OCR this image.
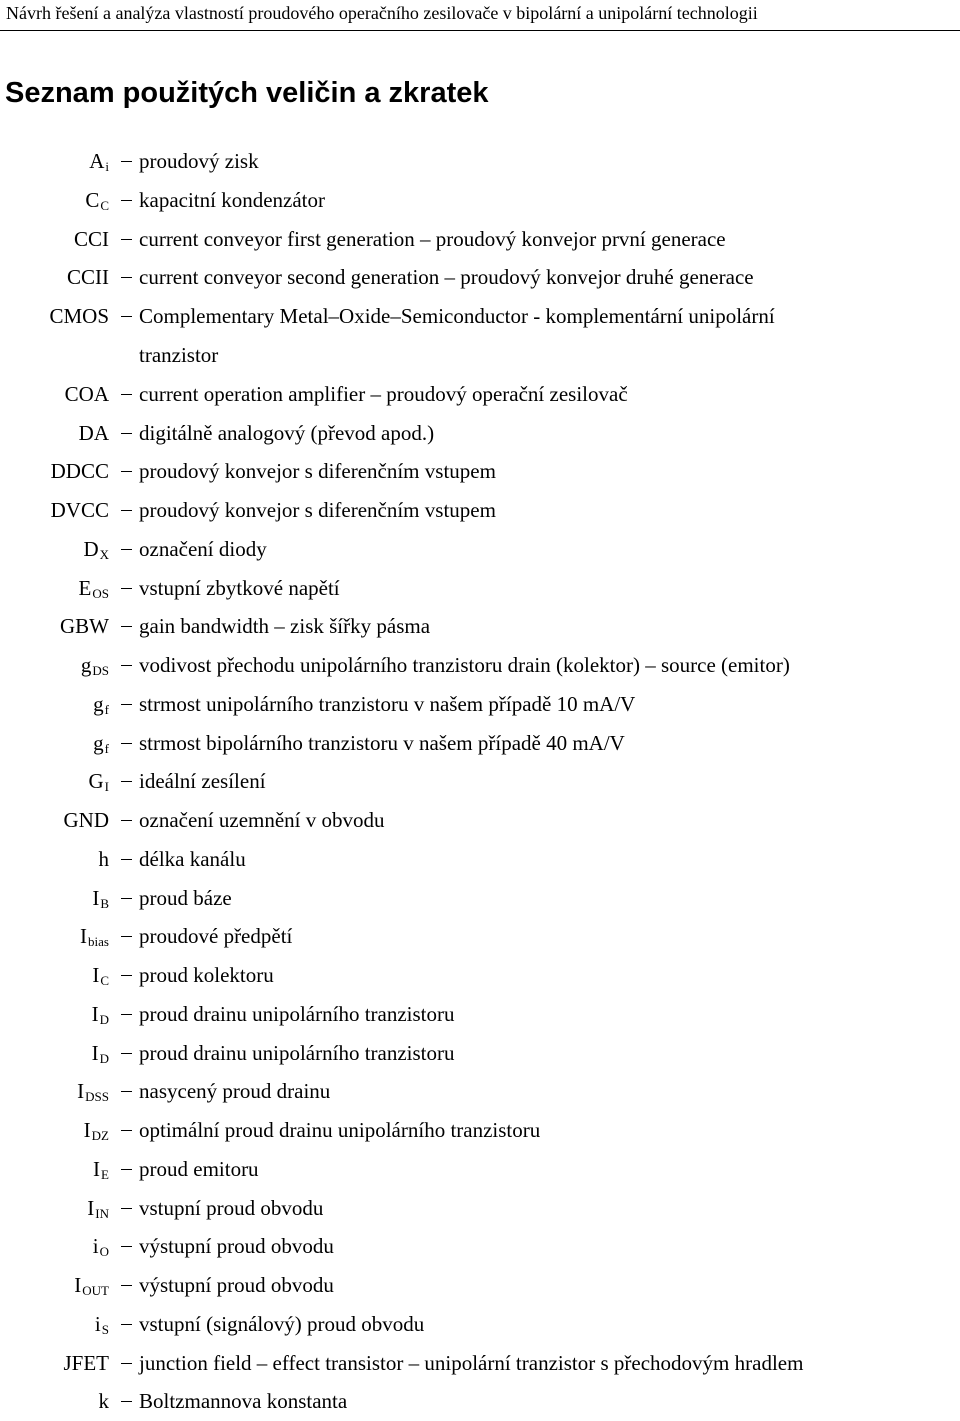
Návrh řešení a analýza vlastností proudového operačního zesilovače v bipolární a unipolární technologii
Seznam použitých veličin a zkratek
$A_i$ proudový zisk
$C_C$ kapacitní kondenzátor
CCI current conveyor first generation – proudový konvejor první generace
CCII current conveyor second generation – proudový konvejor druhé generace
CMOS Complementary Metal–Oxide–Semiconductor - komplementární unipolární
tranzistor
COA current operation amplifier – proudový operační zesilovač
DA digitálně analogový (převod apod.)
DDCC proudový konvejor s diferenčním vstupem
DVCC proudový konvejor s diferenčním vstupem
$D_X$ označení diody
$E_{OS}$ vstupní zbytkové napětí
GBW gain bandwidth – zisk šířky pásma
$g_{DS}$ vodivost přechodu unipolárního tranzistoru drain (kolektor) – source (emitor)
$g_f$ strmost unipolárního tranzistoru v našem případě 10 mA/V
$g_f$ strmost bipolárního tranzistoru v našem případě 40 mA/V
$G_I$ ideální zesílení
GND označení uzemnění v obvodu
h délka kanálu
$I_B$ proud báze
$I_{bias}$ proudové předpětí
$I_C$ proud kolektoru
$I_D$ proud drainu unipolárního tranzistoru
$I_D$ proud drainu unipolárního tranzistoru
$I_{DSS}$ nasycený proud drainu
$I_{DZ}$ optimální proud drainu unipolárního tranzistoru
$I_E$ proud emitoru
$I_{IN}$ vstupní proud obvodu
$i_O$ výstupní proud obvodu
$I_{OUT}$ výstupní proud obvodu
$i_S$ vstupní (signálový) proud obvodu
JFET junction field – effect transistor – unipolární tranzistor s přechodovým hradlem
k Boltzmannova konstanta
